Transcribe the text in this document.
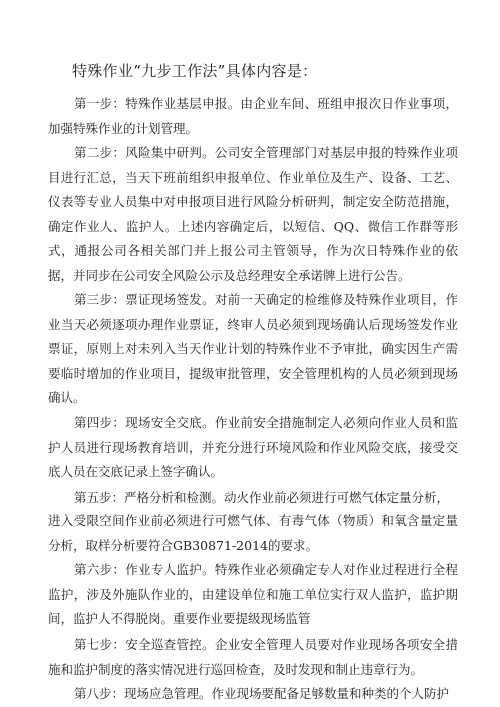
特殊作业“九步工作法”具体内容是：

第一步：特殊作业基层申报。由企业车间、班组申报次日作业事项，加强特殊作业的计划管理。

第二步：风险集中研判。公司安全管理部门对基层申报的特殊作业项目进行汇总，当天下班前组织申报单位、作业单位及生产、设备、工艺、仪表等专业人员集中对申报项目进行风险分析研判，制定安全防范措施，确定作业人、监护人。上述内容确定后，以短信、QQ、微信工作群等形式，通报公司各相关部门并上报公司主管领导，作为次日特殊作业的依据，并同步在公司安全风险公示及总经理安全承诺牌上进行公告。

第三步：票证现场签发。对前一天确定的检维修及特殊作业项目，作业当天必须逐项办理作业票证，终审人员必须到现场确认后现场签发作业票证，原则上对未列入当天作业计划的特殊作业不予审批，确实因生产需要临时增加的作业项目，提级审批管理，安全管理机构的人员必须到现场确认。

第四步：现场安全交底。作业前安全措施制定人必须向作业人员和监护人员进行现场教育培训，并充分进行环境风险和作业风险交底，接受交底人员在交底记录上签字确认。

第五步：严格分析和检测。动火作业前必须进行可燃气体定量分析，

进入受限空间作业前必须进行可燃气体、有毒气体（物质）和氧含量定量分析，取样分析要符合GB30871-2014的要求。

第六步：作业专人监护。特殊作业必须确定专人对作业过程进行全程监护，涉及外施队作业的，由建设单位和施工单位实行双人监护，监护期间，监护人不得脱岗。重要作业要提级现场监管

第七步：安全巡查管控。企业安全管理人员要对作业现场各项安全措施和监护制度的落实情况进行巡回检查，及时发现和制止违章行为。

第八步：现场应急管理。作业现场要配备足够数量和种类的个人防护
